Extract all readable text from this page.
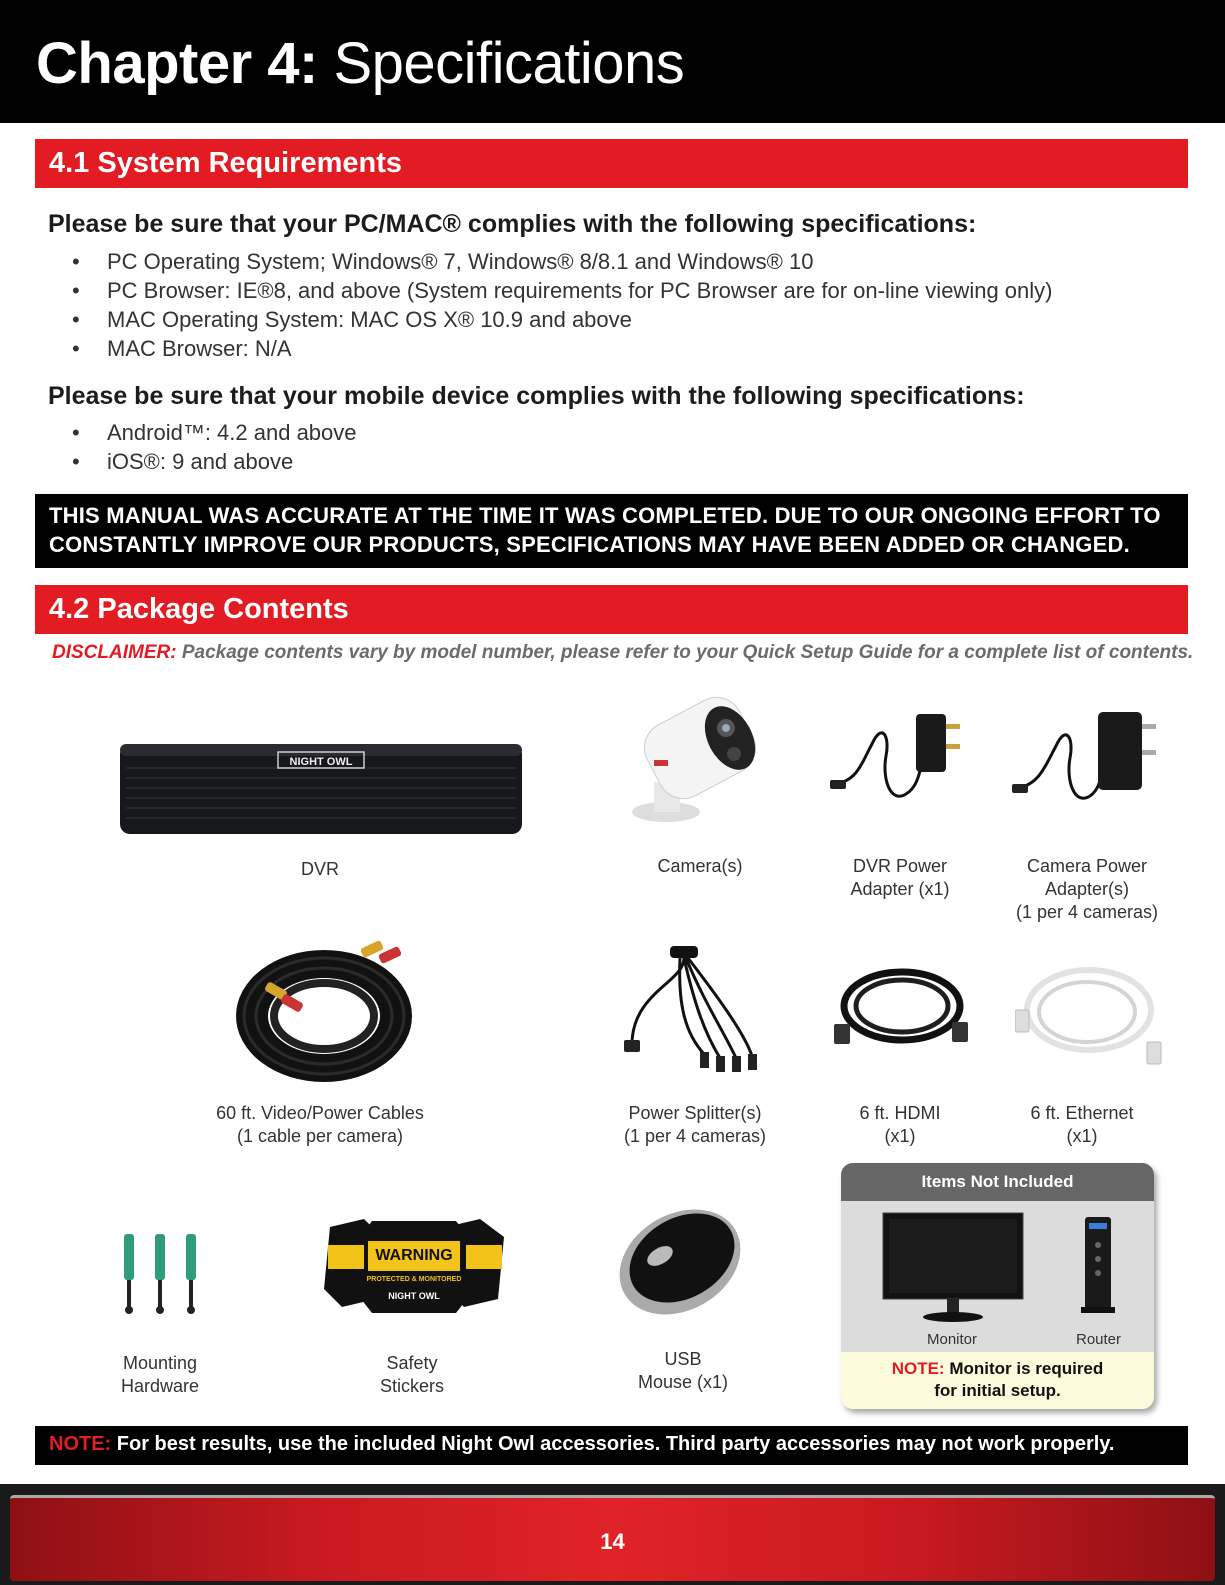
Chapter 4: Specifications
4.1 System Requirements
Please be sure that your PC/MAC® complies with the following specifications:
• PC Operating System; Windows® 7, Windows® 8/8.1 and Windows® 10
• PC Browser: IE®8, and above (System requirements for PC Browser are for on-line viewing only)
• MAC Operating System: MAC OS X® 10.9 and above
• MAC Browser: N/A
Please be sure that your mobile device complies with the following specifications:
• Android™: 4.2 and above
• iOS®: 9 and above
THIS MANUAL WAS ACCURATE AT THE TIME IT WAS COMPLETED. DUE TO OUR ONGOING EFFORT TO
CONSTANTLY IMPROVE OUR PRODUCTS, SPECIFICATIONS MAY HAVE BEEN ADDED OR CHANGED.
4.2 Package Contents
DISCLAIMER: Package contents vary by model number, please refer to your Quick Setup Guide for a complete list of contents.
NIGHT OWL
DVR	Camera(s)	DVR Power
Adapter (x1)
Camera Power
Adapter(s)
(1 per 4 cameras)
60 ft. Video/Power Cables
(1 cable per camera)
Power Splitter(s)
(1 per 4 cameras)
6 ft. HDMI
(x1)
6 ft. Ethernet
(x1)
Mounting
Hardware
WARNING
PROTECTED & MONITORED
NIGHT OWL
Safety
Stickers
USB
Mouse (x1)
Items Not Included
Monitor	Router
NOTE: Monitor is required
for initial setup.
NOTE: For best results, use the included Night Owl accessories. Third party accessories may not work properly.
14
